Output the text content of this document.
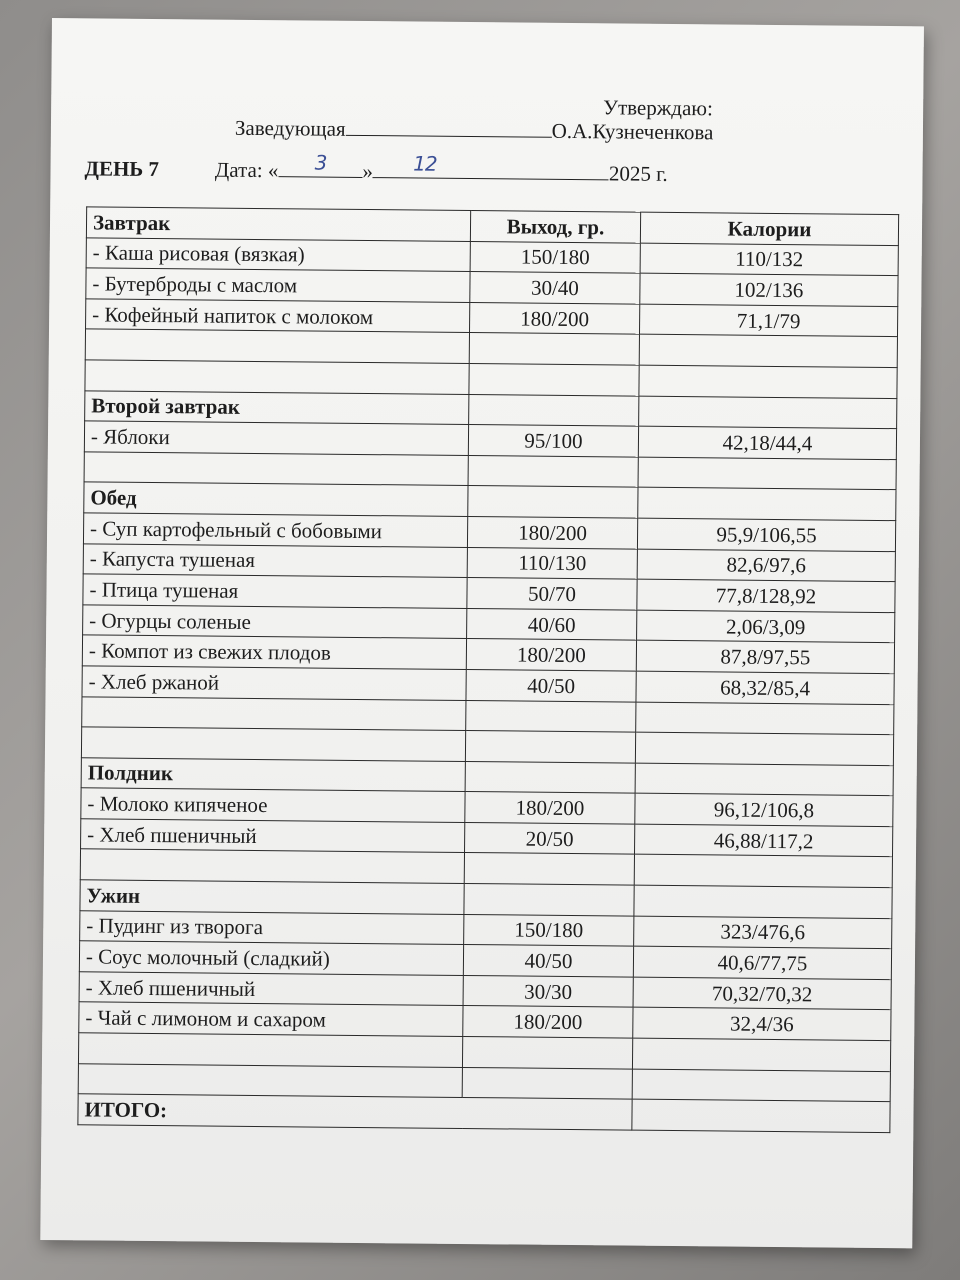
Утверждаю:
Заведующая	О.А.Кузнеченкова
ДЕНЬ 7	Дата: « 3 » 12	2025 г.
Завтрак	Выход, гр.	Калории
- Каша рисовая (вязкая)	150/180	110/132
- Бутерброды с маслом	30/40	102/136
- Кофейный напиток с молоком	180/200	71,1/79

Второй завтрак		
- Яблоки	95/100	42,18/44,4

Обед		
- Суп картофельный с бобовыми	180/200	95,9/106,55
- Капуста тушеная	110/130	82,6/97,6
- Птица тушеная	50/70	77,8/128,92
- Огурцы соленые	40/60	2,06/3,09
- Компот из свежих плодов	180/200	87,8/97,55
- Хлеб ржаной	40/50	68,32/85,4

Полдник		
- Молоко кипяченое	180/200	96,12/106,8
- Хлеб пшеничный	20/50	46,88/117,2

Ужин		
- Пудинг из творога	150/180	323/476,6
- Соус молочный (сладкий)	40/50	40,6/77,75
- Хлеб пшеничный	30/30	70,32/70,32
- Чай с лимоном и сахаром	180/200	32,4/36

ИТОГО:		
